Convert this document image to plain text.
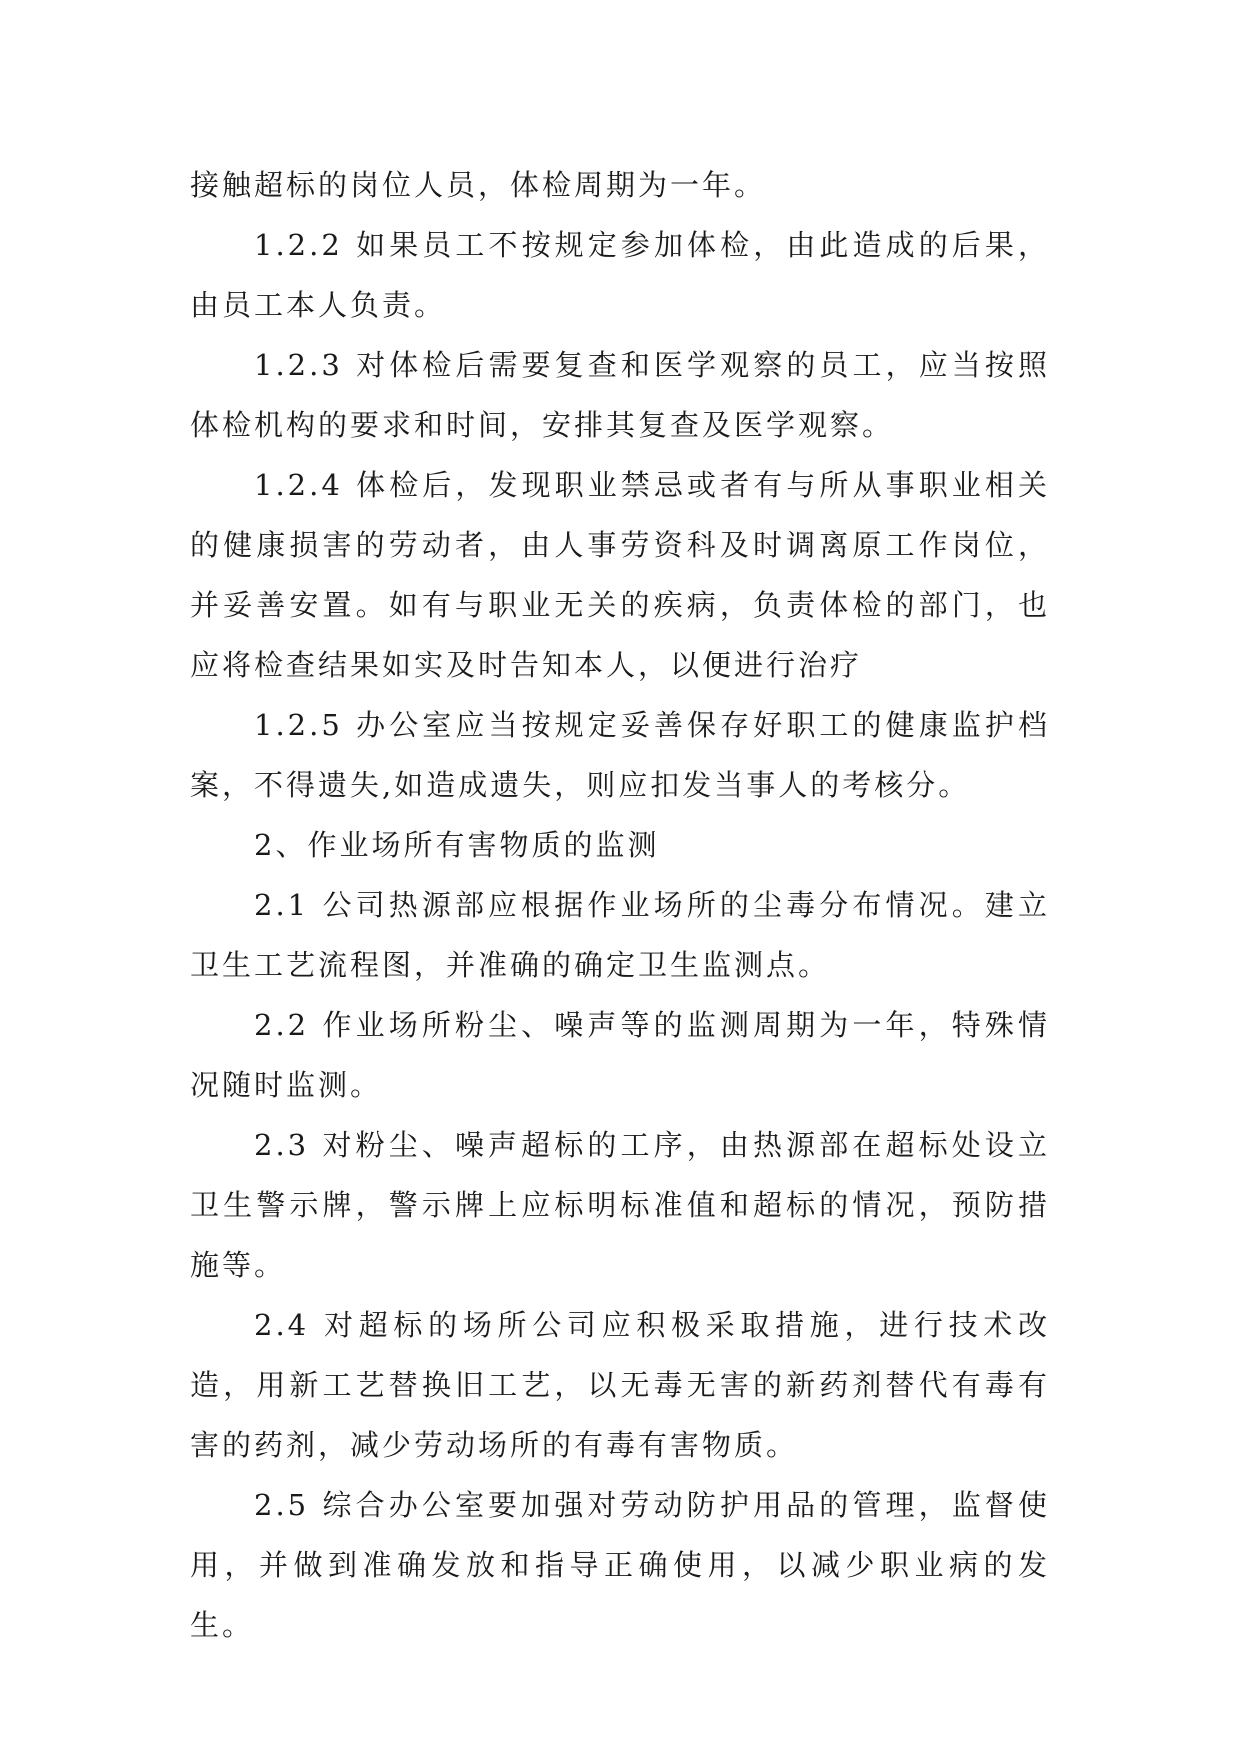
接触超标的岗位人员，体检周期为一年。

1.2.2 如果员工不按规定参加体检，由此造成的后果，由员工本人负责。

1.2.3 对体检后需要复查和医学观察的员工，应当按照体检机构的要求和时间，安排其复查及医学观察。

1.2.4 体检后，发现职业禁忌或者有与所从事职业相关的健康损害的劳动者，由人事劳资科及时调离原工作岗位，并妥善安置。如有与职业无关的疾病，负责体检的部门，也应将检查结果如实及时告知本人，以便进行治疗

1.2.5 办公室应当按规定妥善保存好职工的健康监护档案，不得遗失,如造成遗失，则应扣发当事人的考核分。

2、作业场所有害物质的监测

2.1 公司热源部应根据作业场所的尘毒分布情况。建立卫生工艺流程图，并准确的确定卫生监测点。

2.2 作业场所粉尘、噪声等的监测周期为一年，特殊情况随时监测。

2.3 对粉尘、噪声超标的工序，由热源部在超标处设立卫生警示牌，警示牌上应标明标准值和超标的情况，预防措施等。

2.4 对超标的场所公司应积极采取措施，进行技术改造，用新工艺替换旧工艺，以无毒无害的新药剂替代有毒有害的药剂，减少劳动场所的有毒有害物质。

2.5 综合办公室要加强对劳动防护用品的管理，监督使用，并做到准确发放和指导正确使用，以减少职业病的发生。
